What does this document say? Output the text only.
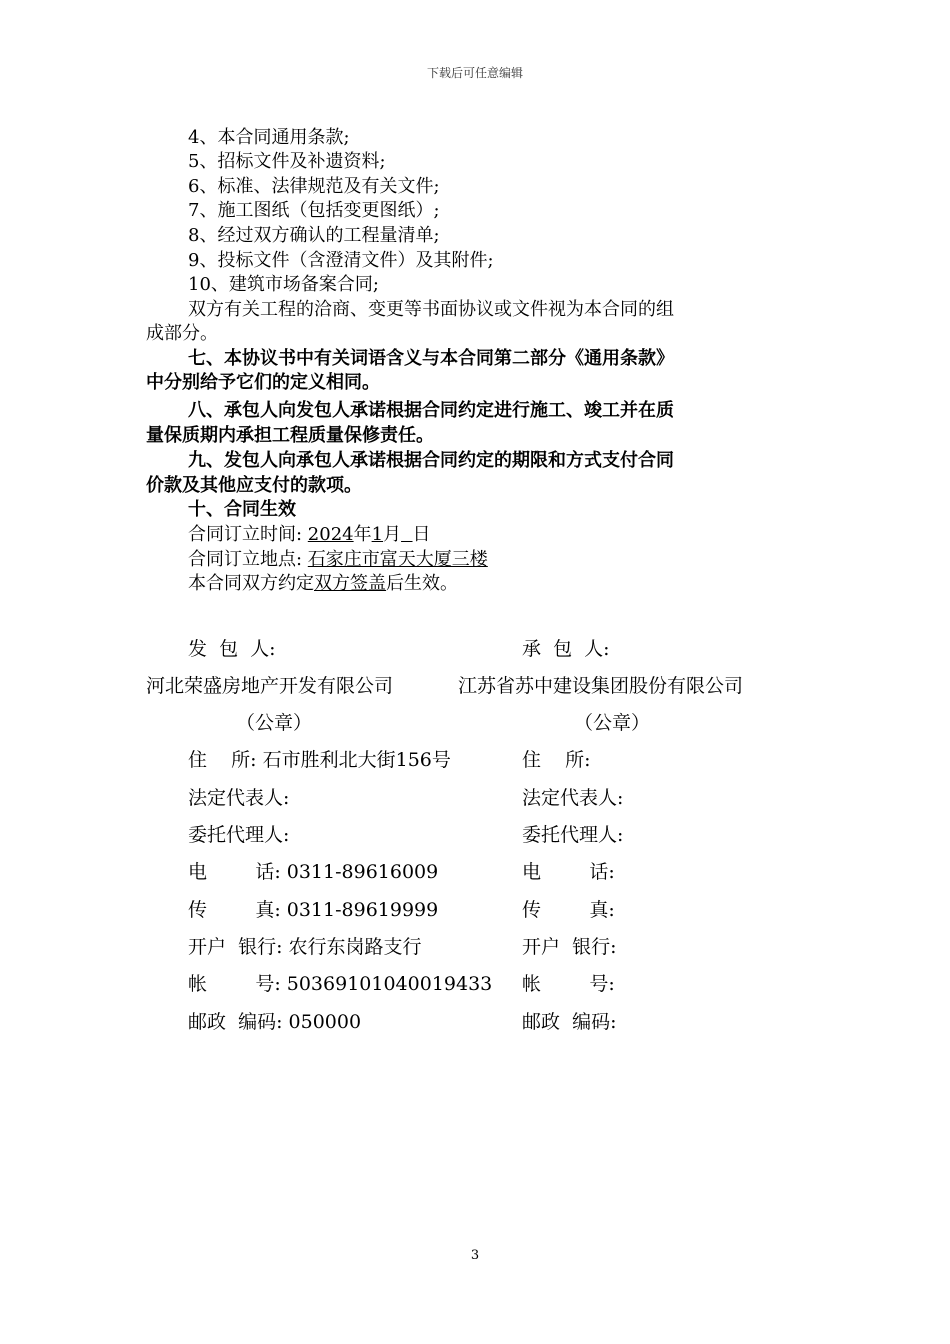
下载后可任意编辑
4、本合同通用条款;
5、招标文件及补遗资料;
6、标准、法律规范及有关文件;
7、施工图纸（包括变更图纸）;
8、经过双方确认的工程量清单;
9、投标文件（含澄清文件）及其附件;
10、建筑市场备案合同;
双方有关工程的洽商、变更等书面协议或文件视为本合同的组
成部分。
七、本协议书中有关词语含义与本合同第二部分《通用条款》
中分别给予它们的定义相同。
八、承包人向发包人承诺根据合同约定进行施工、竣工并在质
量保质期内承担工程质量保修责任。
九、发包人向承包人承诺根据合同约定的期限和方式支付合同
价款及其他应支付的款项。
十、合同生效
合同订立时间: 2024年1月 日
合同订立地点: 石家庄市富天大厦三楼
本合同双方约定双方签盖后生效。
发  包  人:
河北荣盛房地产开发有限公司
（公章）
住    所: 石市胜利北大街156号
法定代表人:
委托代理人:
电        话: 0311-89616009
传        真: 0311-89619999
开户  银行: 农行东岗路支行
帐        号: 50369101040019433
邮政  编码: 050000
承  包  人:
江苏省苏中建设集团股份有限公司
（公章）
住    所:
法定代表人:
委托代理人:
电        话:
传        真:
开户  银行:
帐        号:
邮政  编码:
3
